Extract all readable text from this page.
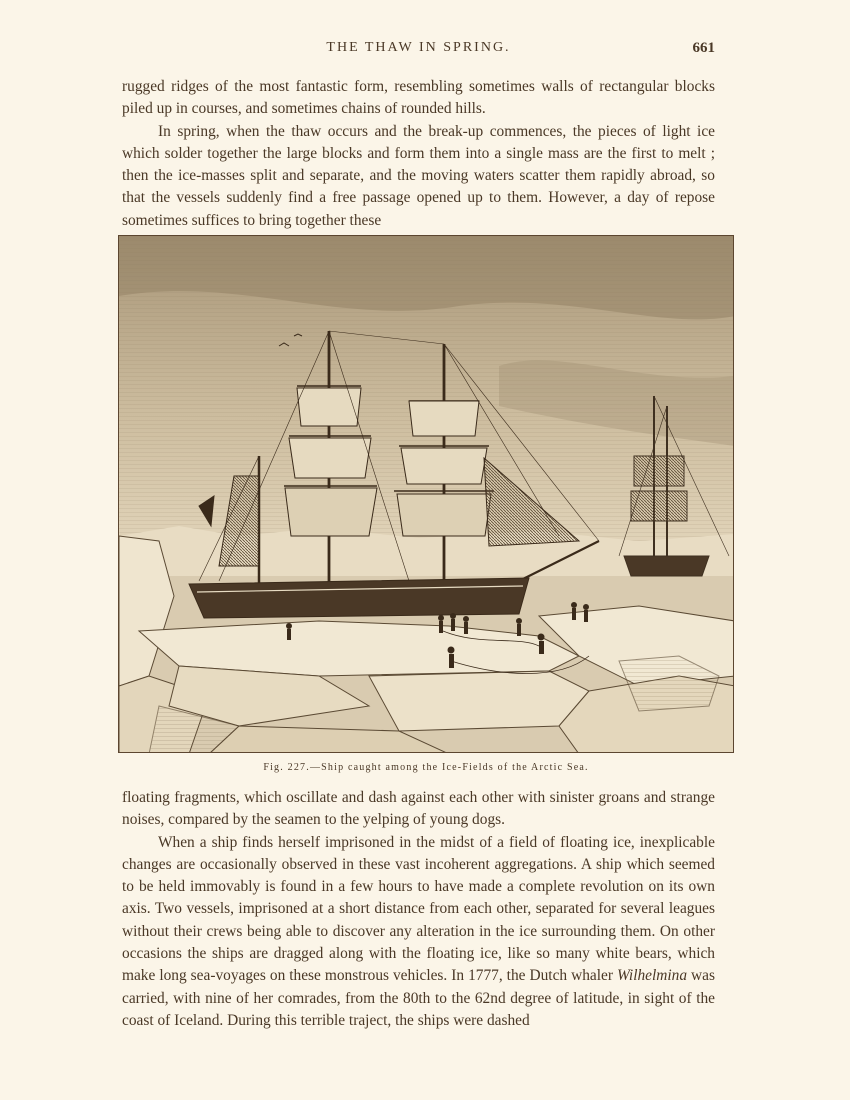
THE THAW IN SPRING.	661

rugged ridges of the most fantastic form, resembling sometimes walls of rectangular blocks piled up in courses, and sometimes chains of rounded hills.

In spring, when the thaw occurs and the break-up commences, the pieces of light ice which solder together the large blocks and form them into a single mass are the first to melt ; then the ice-masses split and separate, and the moving waters scatter them rapidly abroad, so that the vessels suddenly find a free passage opened up to them. However, a day of repose sometimes suffices to bring together these

Fig. 227.—Ship caught among the Ice-Fields of the Arctic Sea.

floating fragments, which oscillate and dash against each other with sinister groans and strange noises, compared by the seamen to the yelping of young dogs.

When a ship finds herself imprisoned in the midst of a field of floating ice, inexplicable changes are occasionally observed in these vast incoherent aggregations. A ship which seemed to be held immovably is found in a few hours to have made a complete revolution on its own axis. Two vessels, imprisoned at a short distance from each other, separated for several leagues without their crews being able to discover any alteration in the ice surrounding them. On other occasions the ships are dragged along with the floating ice, like so many white bears, which make long sea-voyages on these monstrous vehicles. In 1777, the Dutch whaler Wilhelmina was carried, with nine of her comrades, from the 80th to the 62nd degree of latitude, in sight of the coast of Iceland. During this terrible traject, the ships were dashed
